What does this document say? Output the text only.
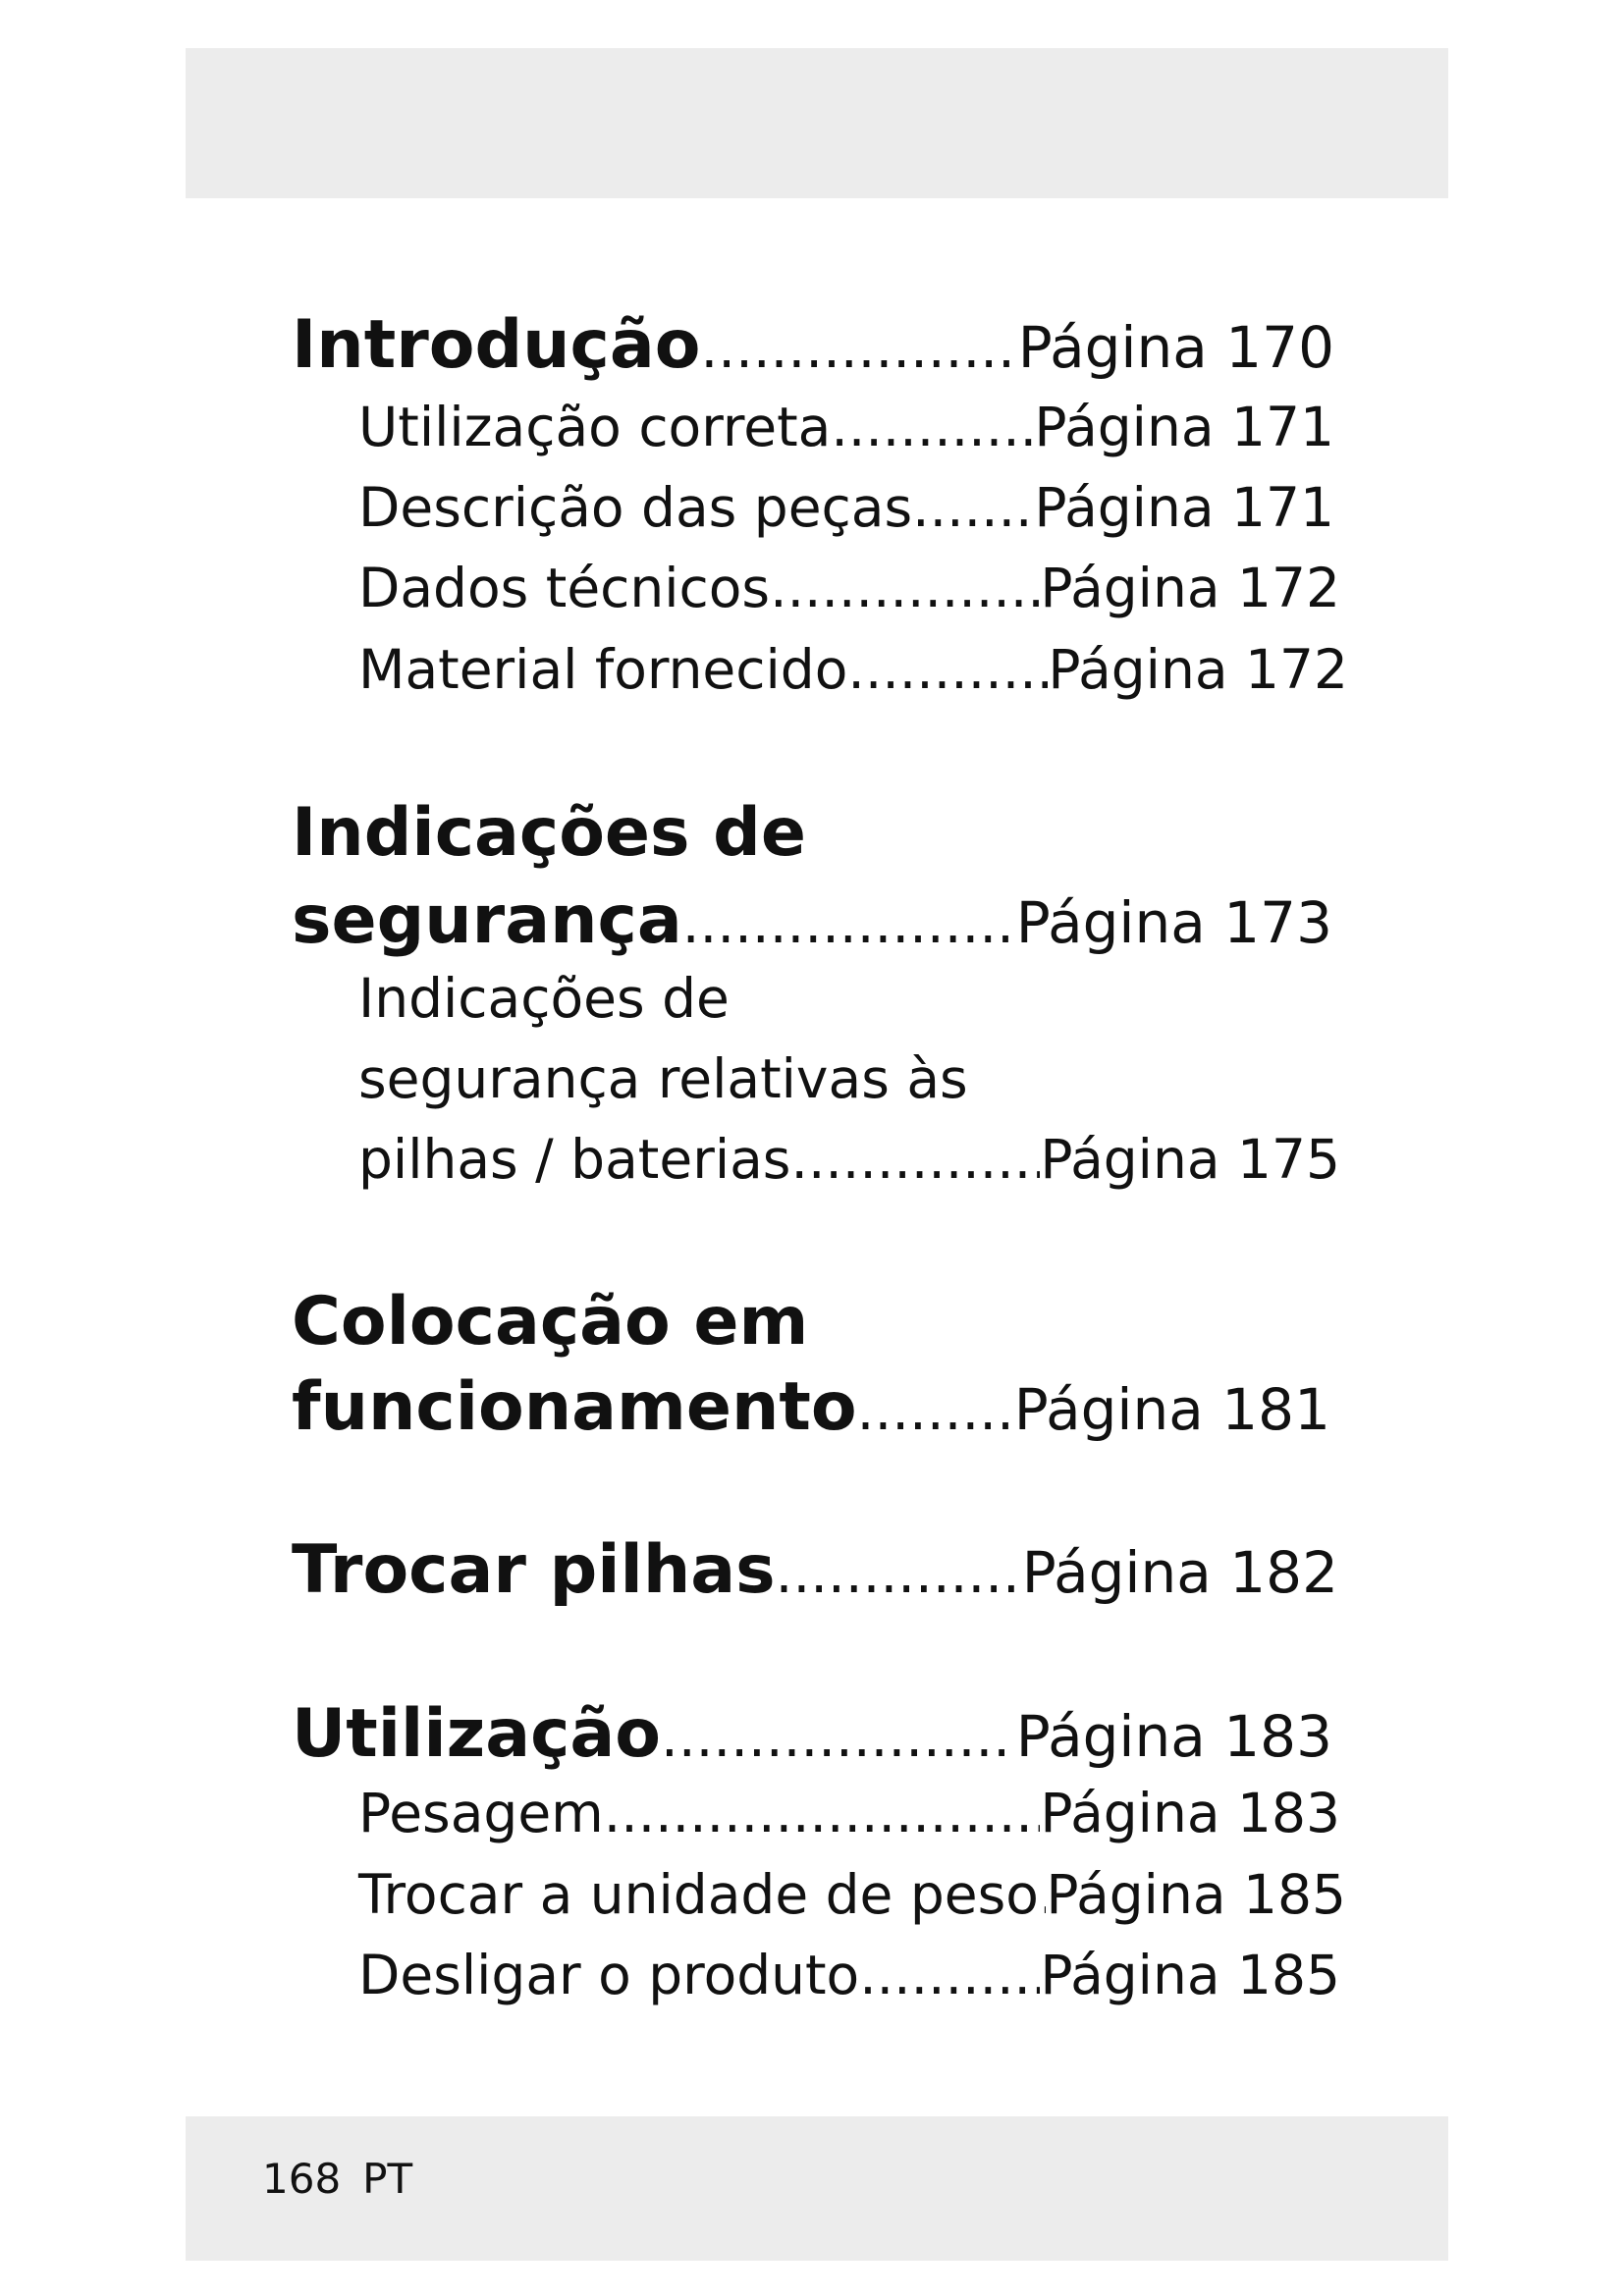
Introdução .....	Página 170
Utilização correta .....	Página 171
Descrição das peças ..... Página 171
Dados técnicos .....	Página 172
Material fornecido .....	Página 172
Indicações de
segurança .....	Página 173
Indicações de
segurança relativas às
pilhas / baterias .....	Página 175
Colocação em
funcionamento .....	Página 181
Trocar pilhas .....	Página 182
Utilização .....	Página 183
Pesagem .....	Página 183
Trocar a unidade de peso ..... Página 185
Desligar o produto .....	Página 185
168 PT
